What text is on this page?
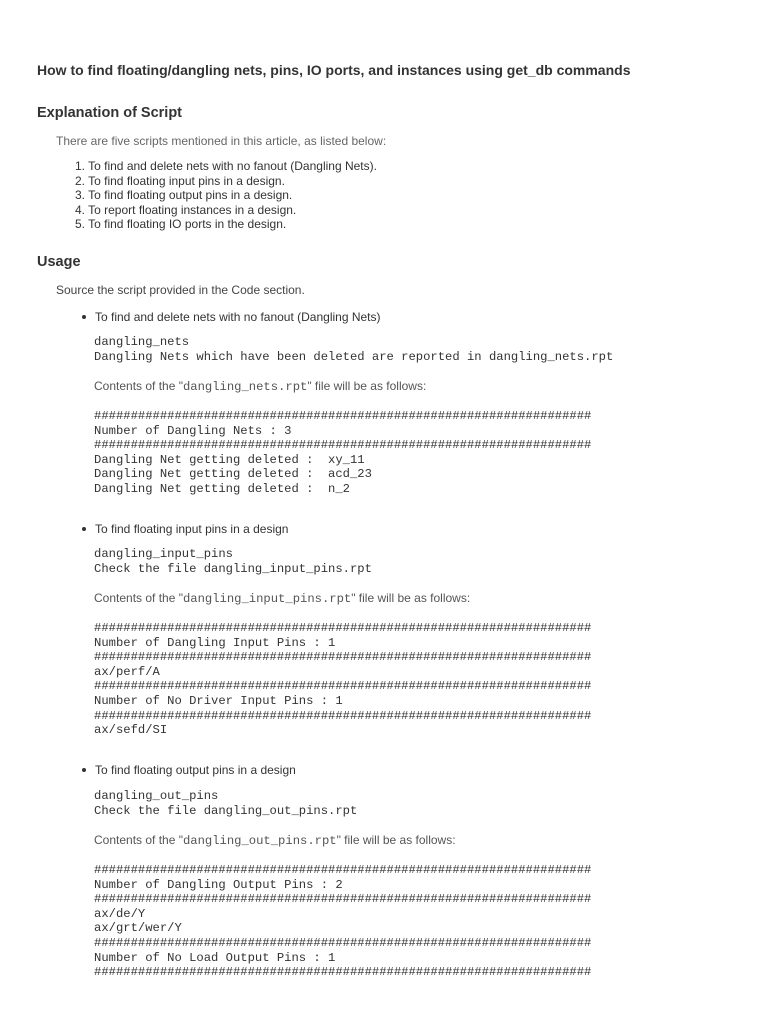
How to find floating/dangling nets, pins, IO ports, and instances using get_db commands
Explanation of Script
There are five scripts mentioned in this article, as listed below:
1. To find and delete nets with no fanout (Dangling Nets).
2. To find floating input pins in a design.
3. To find floating output pins in a design.
4. To report floating instances in a design.
5. To find floating IO ports in the design.
Usage
Source the script provided in the Code section.
To find and delete nets with no fanout (Dangling Nets)
dangling_nets
Dangling Nets which have been deleted are reported in dangling_nets.rpt
Contents of the "dangling_nets.rpt" file will be as follows:
####################################################################
Number of Dangling Nets : 3
####################################################################
Dangling Net getting deleted :  xy_11
Dangling Net getting deleted :  acd_23
Dangling Net getting deleted :  n_2
To find floating input pins in a design
dangling_input_pins
Check the file dangling_input_pins.rpt
Contents of the "dangling_input_pins.rpt" file will be as follows:
####################################################################
Number of Dangling Input Pins : 1
####################################################################
ax/perf/A
####################################################################
Number of No Driver Input Pins : 1
####################################################################
ax/sefd/SI
To find floating output pins in a design
dangling_out_pins
Check the file dangling_out_pins.rpt
Contents of the "dangling_out_pins.rpt" file will be as follows:
####################################################################
Number of Dangling Output Pins : 2
####################################################################
ax/de/Y
ax/grt/wer/Y
####################################################################
Number of No Load Output Pins : 1
####################################################################
